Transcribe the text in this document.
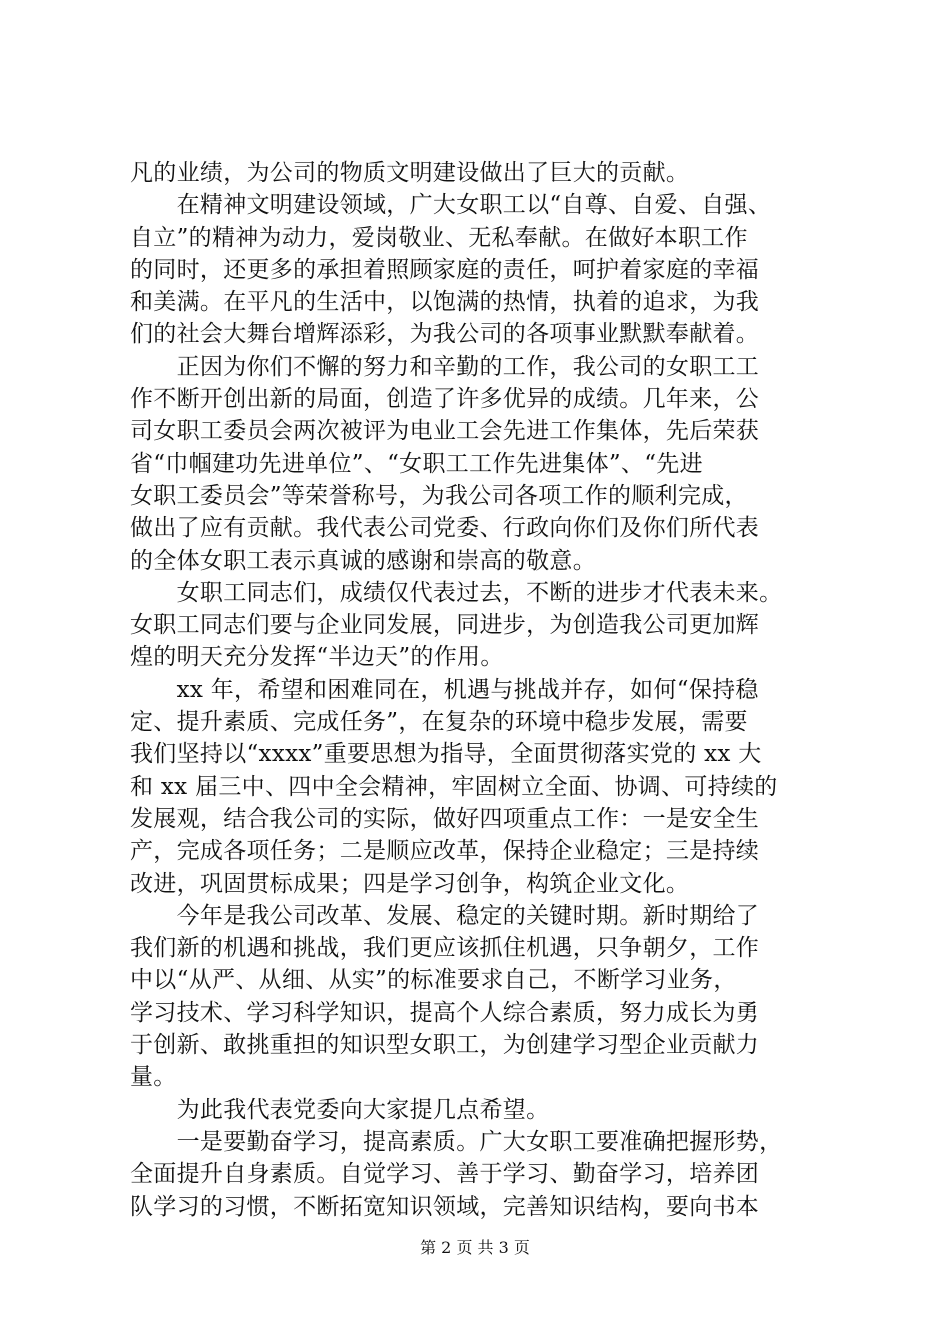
凡的业绩，为公司的物质文明建设做出了巨大的贡献。
　　在精神文明建设领域，广大女职工以“自尊、自爱、自强、
自立”的精神为动力，爱岗敬业、无私奉献。在做好本职工作
的同时，还更多的承担着照顾家庭的责任，呵护着家庭的幸福
和美满。在平凡的生活中，以饱满的热情，执着的追求，为我
们的社会大舞台增辉添彩，为我公司的各项事业默默奉献着。
　　正因为你们不懈的努力和辛勤的工作，我公司的女职工工
作不断开创出新的局面，创造了许多优异的成绩。几年来，公
司女职工委员会两次被评为电业工会先进工作集体，先后荣获
省“巾帼建功先进单位”、“女职工工作先进集体”、“先进
女职工委员会”等荣誉称号，为我公司各项工作的顺利完成，
做出了应有贡献。我代表公司党委、行政向你们及你们所代表
的全体女职工表示真诚的感谢和崇高的敬意。
　　女职工同志们，成绩仅代表过去，不断的进步才代表未来。
女职工同志们要与企业同发展，同进步，为创造我公司更加辉
煌的明天充分发挥“半边天”的作用。
　　xx 年，希望和困难同在，机遇与挑战并存，如何“保持稳
定、提升素质、完成任务”，在复杂的环境中稳步发展，需要
我们坚持以“xxxx”重要思想为指导，全面贯彻落实党的 xx 大
和 xx 届三中、四中全会精神，牢固树立全面、协调、可持续的
发展观，结合我公司的实际，做好四项重点工作：一是安全生
产，完成各项任务；二是顺应改革，保持企业稳定；三是持续
改进，巩固贯标成果；四是学习创争，构筑企业文化。
　　今年是我公司改革、发展、稳定的关键时期。新时期给了
我们新的机遇和挑战，我们更应该抓住机遇，只争朝夕，工作
中以“从严、从细、从实”的标准要求自己，不断学习业务，
学习技术、学习科学知识，提高个人综合素质，努力成长为勇
于创新、敢挑重担的知识型女职工，为创建学习型企业贡献力
量。
　　为此我代表党委向大家提几点希望。
　　一是要勤奋学习，提高素质。广大女职工要准确把握形势，
全面提升自身素质。自觉学习、善于学习、勤奋学习，培养团
队学习的习惯，不断拓宽知识领域，完善知识结构，要向书本
第 2 页 共 3 页
